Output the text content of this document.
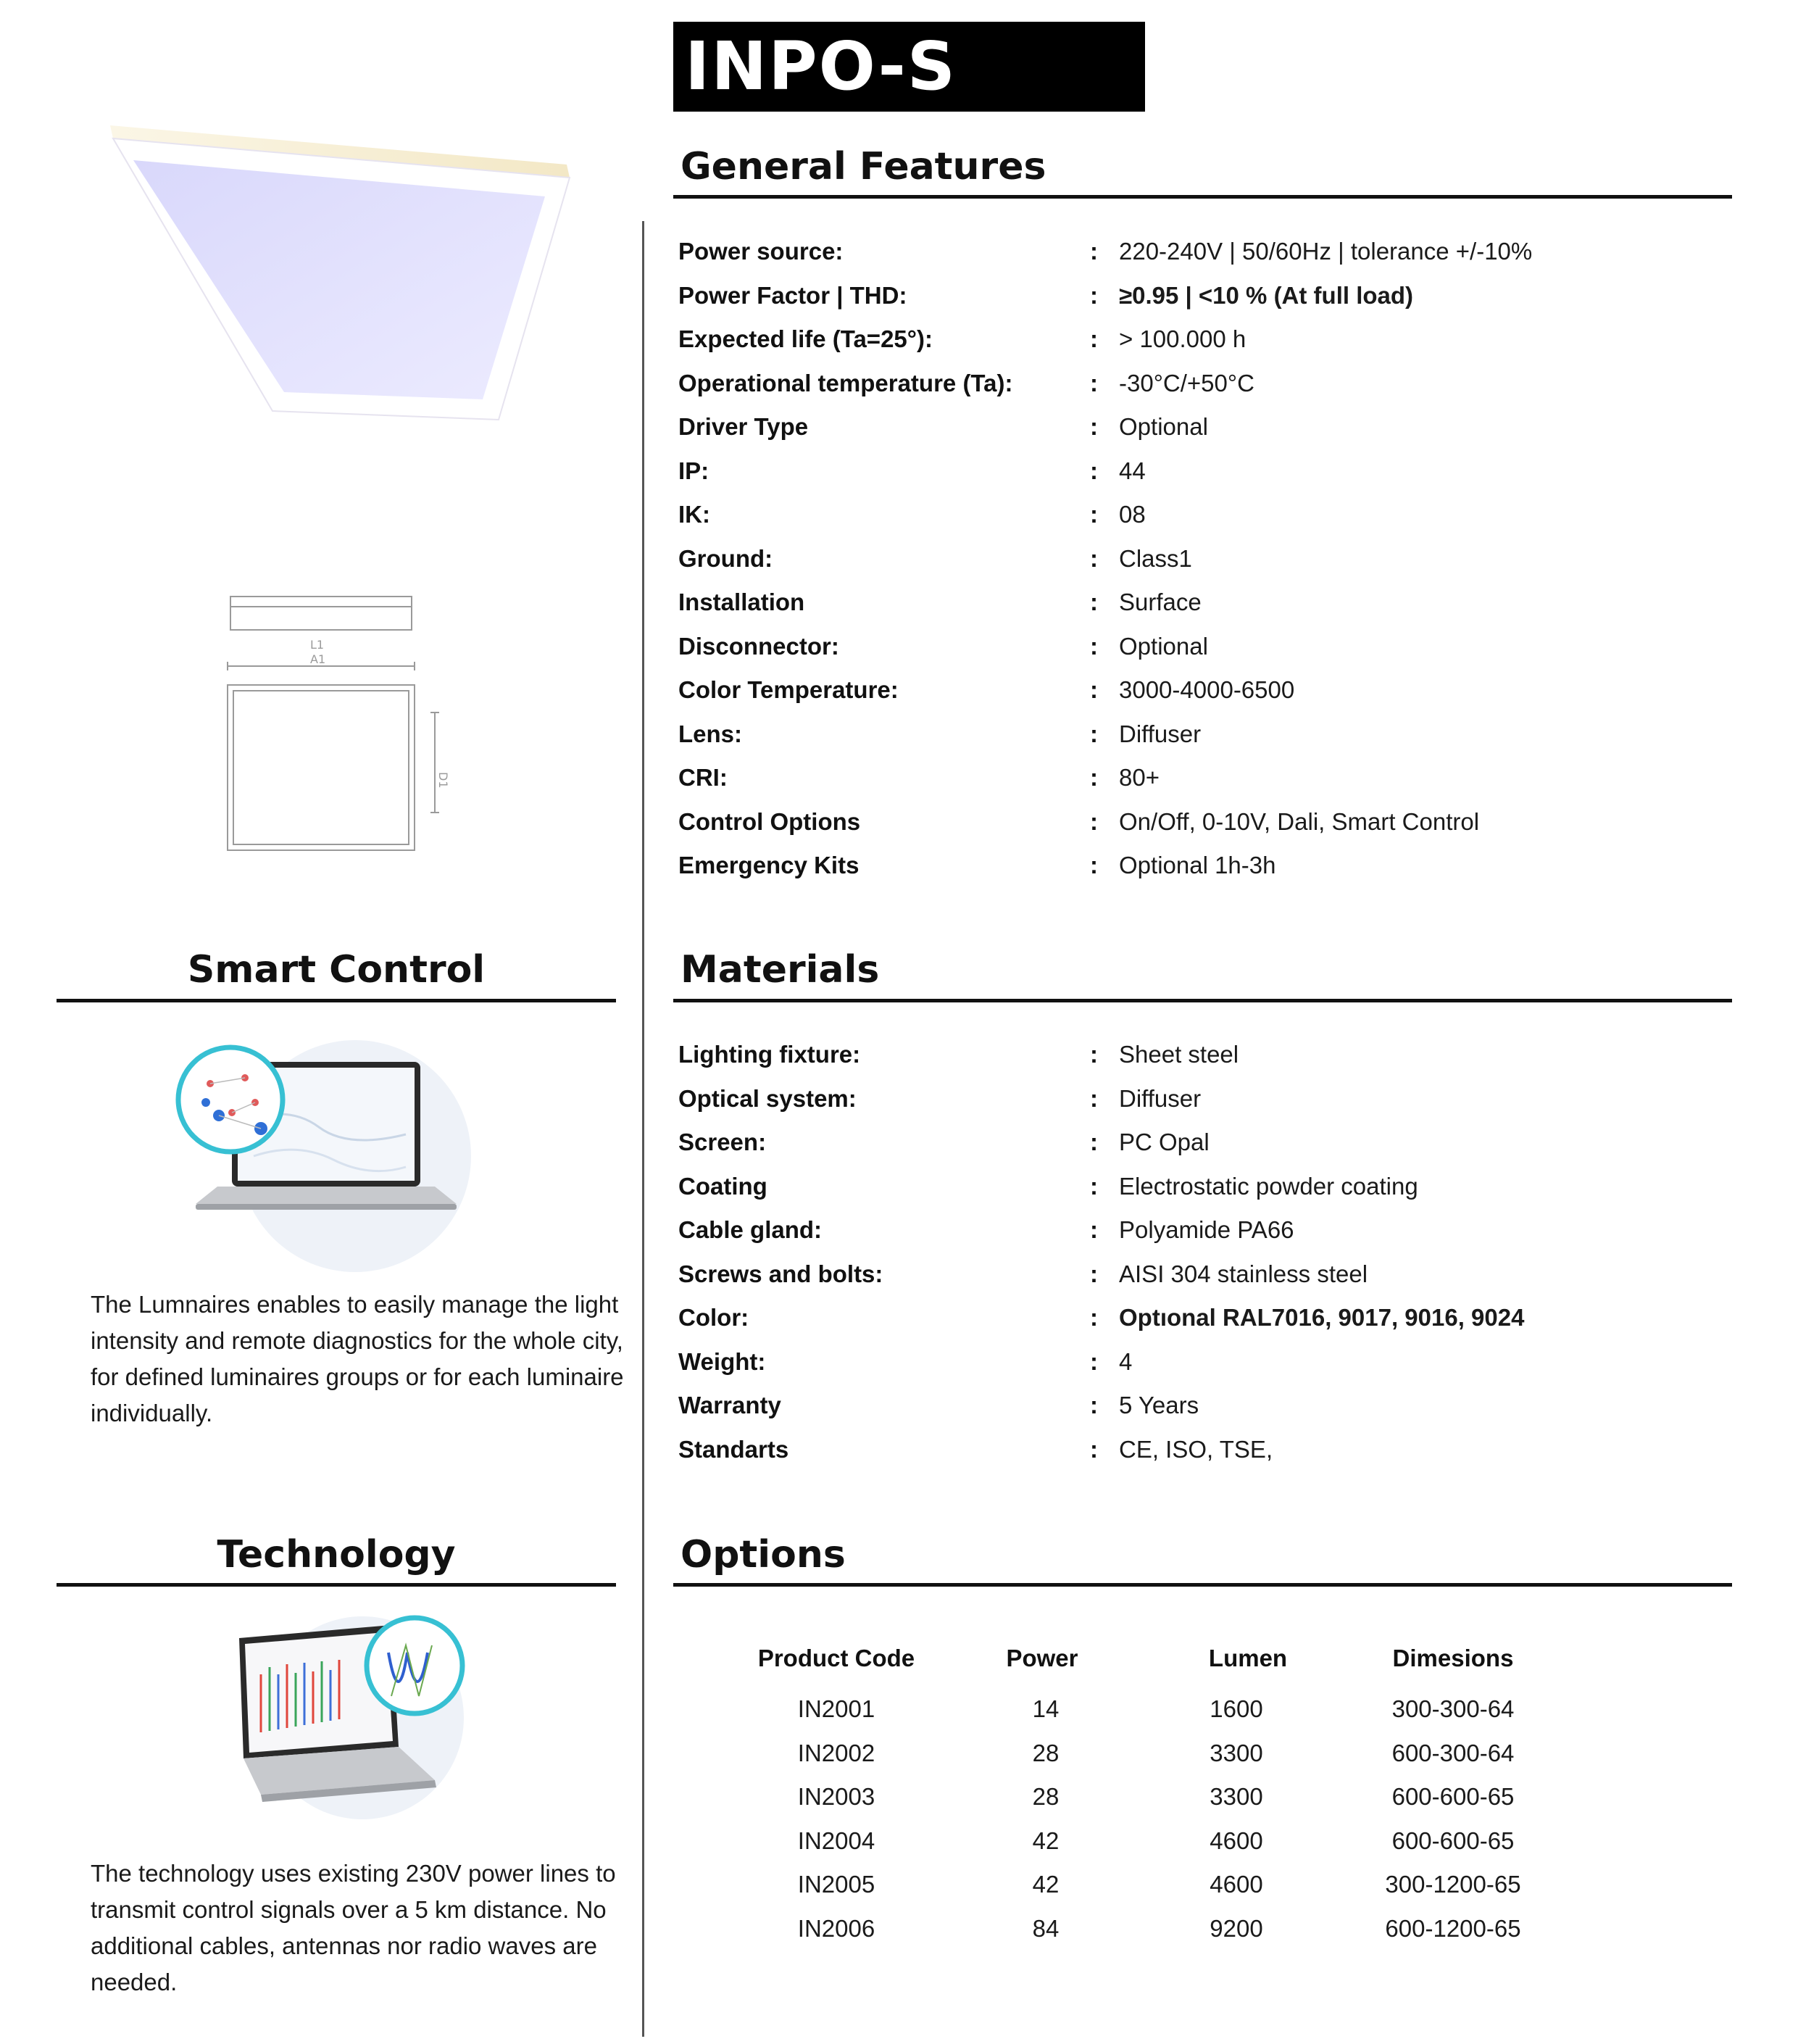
INPO-S
L1
A1
D1
General Features
Power source:	: 220-240V | 50/60Hz | tolerance +/-10%
Power Factor | THD:	: ≥0.95 | <10 % (At full load)
Expected life (Ta=25°):	: > 100.000 h
Operational temperature (Ta):	: -30°C/+50°C
Driver Type	: Optional
IP:	: 44
IK:	: 08
Ground:	: Class1
Installation	: Surface
Disconnector:	: Optional
Color Temperature:	: 3000-4000-6500
Lens:	: Diffuser
CRI:	: 80+
Control Options	: On/Off, 0-10V, Dali, Smart Control
Emergency Kits	: Optional 1h-3h
Materials
Lighting fixture:	: Sheet steel
Optical system:	: Diffuser
Screen:	: PC Opal
Coating	: Electrostatic powder coating
Cable gland:	: Polyamide PA66
Screws and bolts:	: AISI 304 stainless steel
Color:	: Optıonal RAL7016, 9017, 9016, 9024
Weight:	: 4
Warranty	: 5 Years
Standarts	: CE, ISO, TSE,
Options
Product Code	Power	Lumen	Dimesions
IN2001	14	1600	300-300-64
IN2002	28	3300	600-300-64
IN2003	28	3300	600-600-65
IN2004	42	4600	600-600-65
IN2005	42	4600	300-1200-65
IN2006	84	9200	600-1200-65
Smart Control
The Lumnaires enables to easily manage the light intensity and remote diagnostics for the whole city, for defined luminaires groups or for each luminaire individually.
Technology
The technology uses existing 230V power lines to transmit control signals over a 5 km distance. No additional cables, antennas nor radio waves are needed.
